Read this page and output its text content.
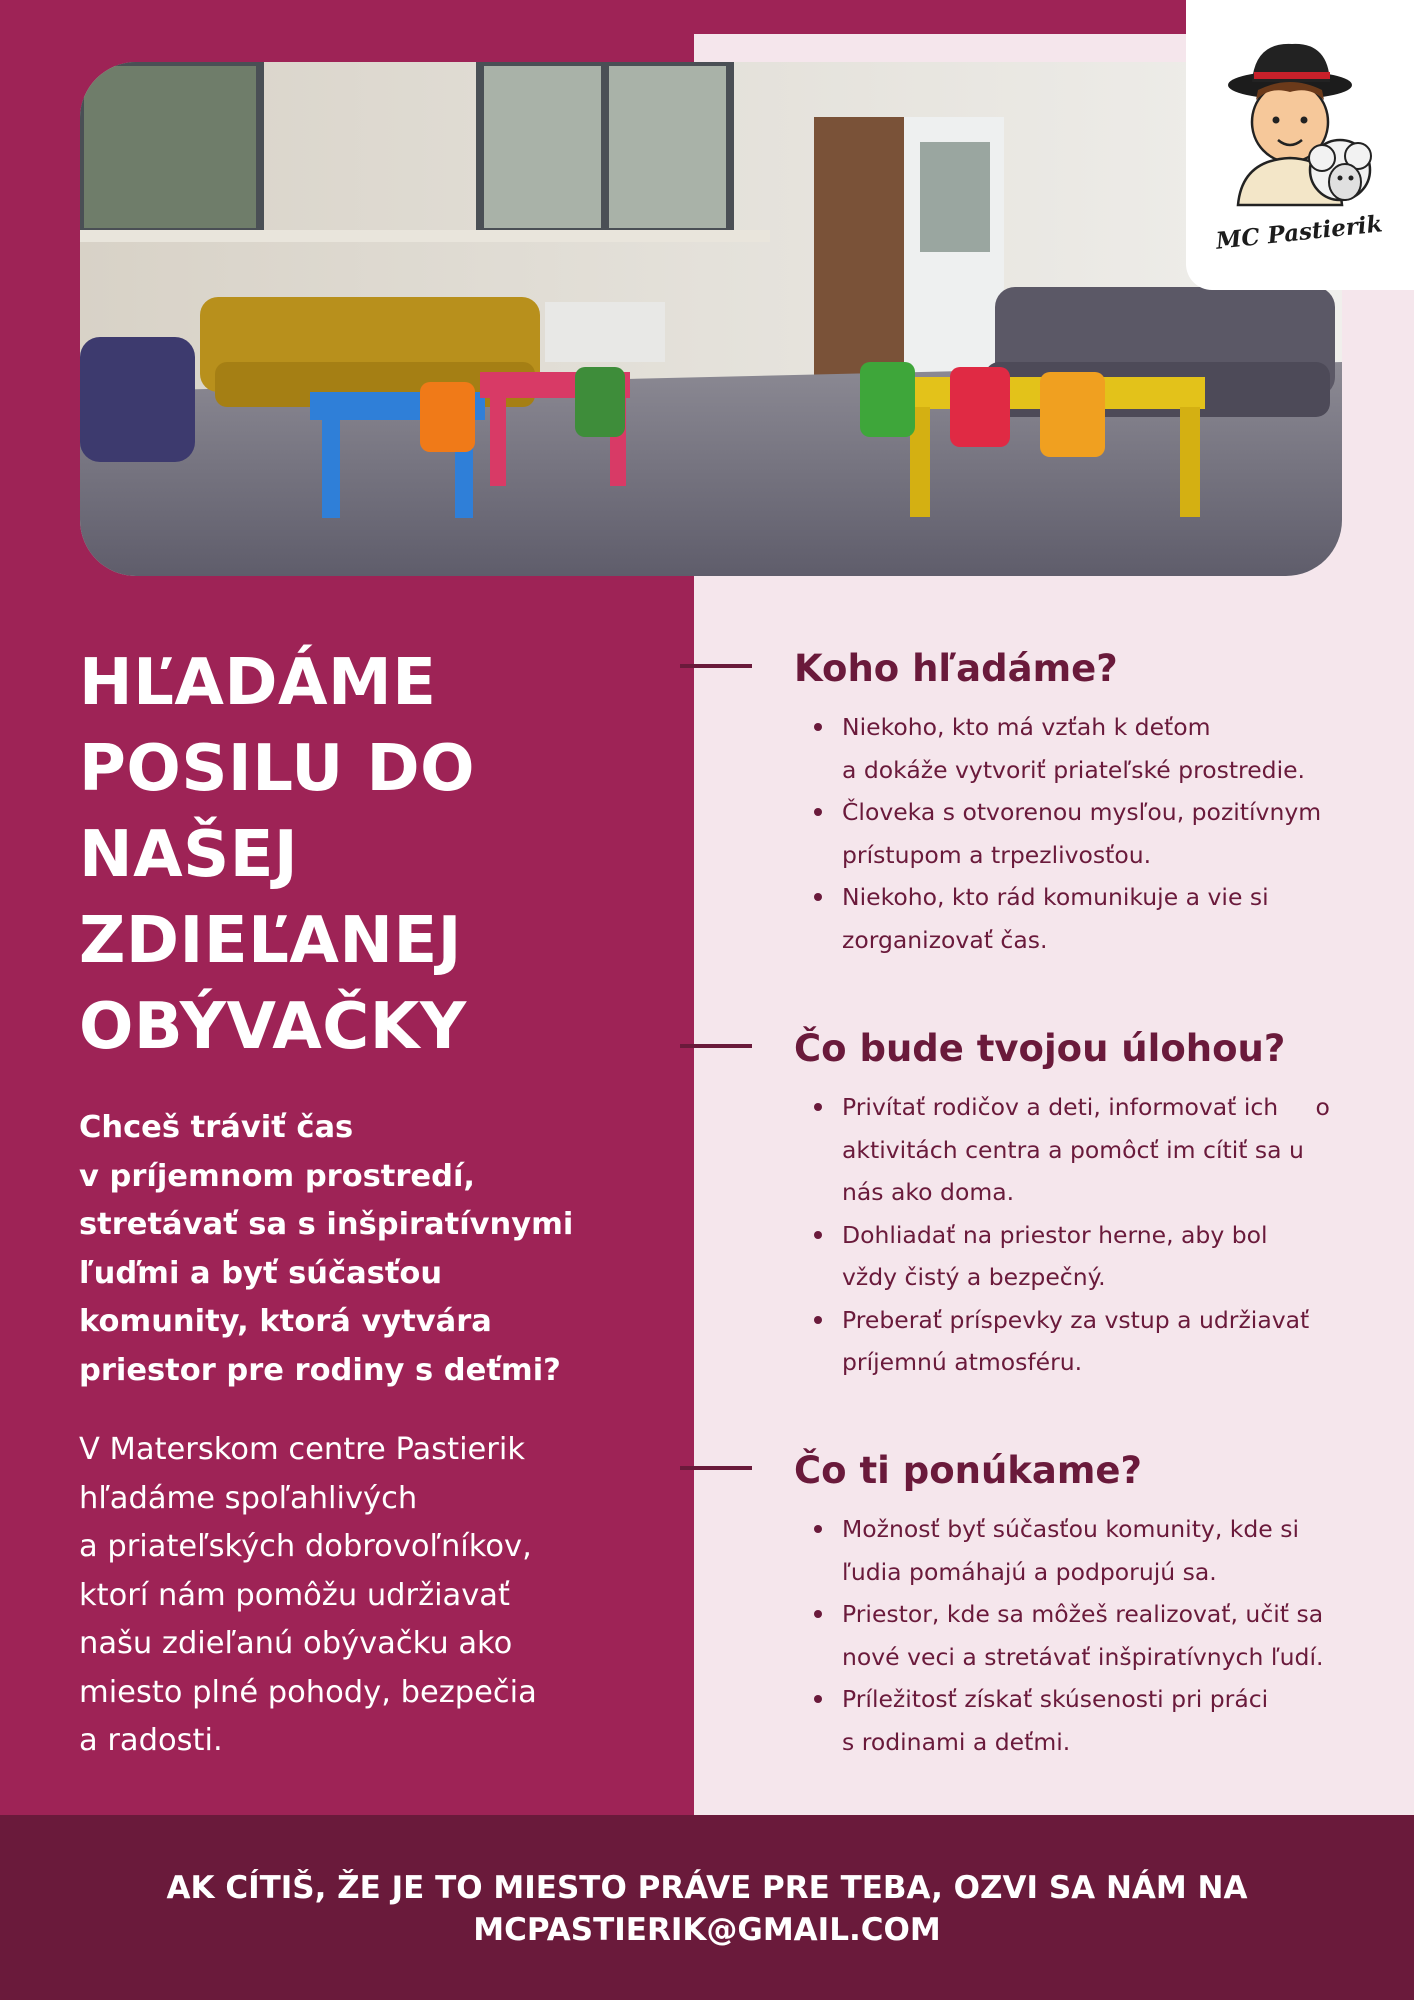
MC Pastierik
HĽADÁME
POSILU DO
NAŠEJ
ZDIEĽANEJ
OBÝVAČKY

Chceš tráviť čas
v príjemnom prostredí,
stretávať sa s inšpiratívnymi
ľuďmi a byť súčasťou
komunity, ktorá vytvára
priestor pre rodiny s deťmi?

V Materskom centre Pastierik
hľadáme spoľahlivých
a priateľských dobrovoľníkov,
ktorí nám pomôžu udržiavať
našu zdieľanú obývačku ako
miesto plné pohody, bezpečia
a radosti.

Koho hľadáme?
Niekoho, kto má vzťah k deťom
a dokáže vytvoriť priateľské prostredie.
Človeka s otvorenou mysľou, pozitívnym
prístupom a trpezlivosťou.
Niekoho, kto rád komunikuje a vie si
zorganizovať čas.
Čo bude tvojou úlohou?
Privítať rodičov a deti, informovať ich     o
aktivitách centra a pomôcť im cítiť sa u
nás ako doma.
Dohliadať na priestor herne, aby bol
vždy čistý a bezpečný.
Preberať príspevky za vstup a udržiavať
príjemnú atmosféru.
Čo ti ponúkame?
Možnosť byť súčasťou komunity, kde si
ľudia pomáhajú a podporujú sa.
Priestor, kde sa môžeš realizovať, učiť sa
nové veci a stretávať inšpiratívnych ľudí.
Príležitosť získať skúsenosti pri práci
s rodinami a deťmi.

AK CÍTIŠ, ŽE JE TO MIESTO PRÁVE PRE TEBA, OZVI SA NÁM NA
MCPASTIERIK@GMAIL.COM
